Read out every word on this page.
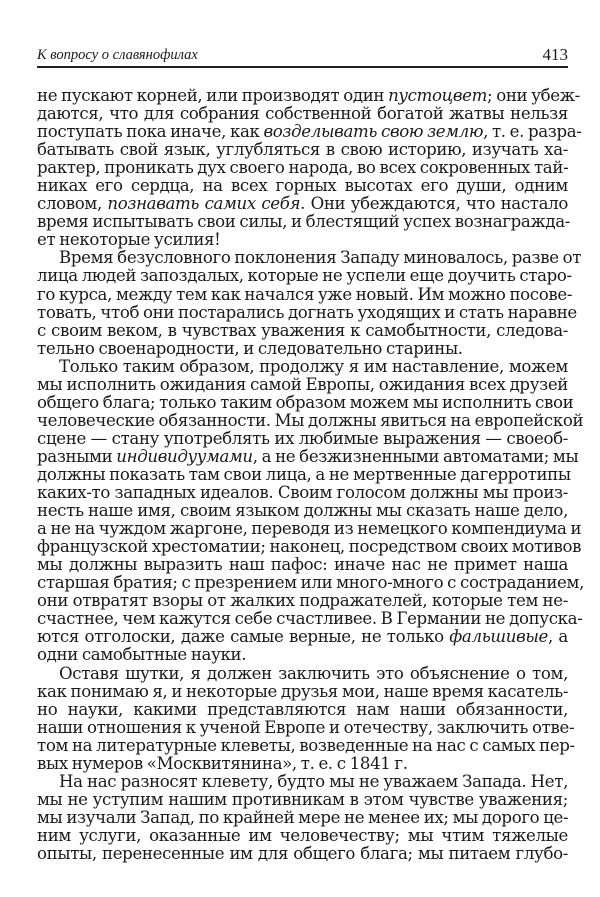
К вопросу о славянофилах	413
не пускают корней, или производят один пустоцвет; они убеж-
даются, что для собрания собственной богатой жатвы нельзя
поступать пока иначе, как возделывать свою землю, т. е. разра-
батывать свой язык, углубляться в свою историю, изучать ха-
рактер, проникать дух своего народа, во всех сокровенных тай-
никах его сердца, на всех горных высотах его души, одним
словом, познавать самих себя. Они убеждаются, что настало
время испытывать свои силы, и блестящий успех вознагражда-
ет некоторые усилия!
Время безусловного поклонения Западу миновалось, разве от
лица людей запоздалых, которые не успели еще доучить старо-
го курса, между тем как начался уже новый. Им можно посове-
товать, чтоб они постарались догнать уходящих и стать наравне
с своим веком, в чувствах уважения к самобытности, следова-
тельно своенародности, и следовательно старины.
Только таким образом, продолжу я им наставление, можем
мы исполнить ожидания самой Европы, ожидания всех друзей
общего блага; только таким образом можем мы исполнить свои
человеческие обязанности. Мы должны явиться на европейской
сцене — стану употреблять их любимые выражения — своеоб-
разными индивидуумами, а не безжизненными автоматами; мы
должны показать там свои лица, а не мертвенные дагерротипы
каких-то западных идеалов. Своим голосом должны мы произ-
несть наше имя, своим языком должны мы сказать наше дело,
а не на чуждом жаргоне, переводя из немецкого компендиума и
французской хрестоматии; наконец, посредством своих мотивов
мы должны выразить наш пафос: иначе нас не примет наша
старшая братия; с презрением или много-много с состраданием,
они отвратят взоры от жалких подражателей, которые тем не-
счастнее, чем кажутся себе счастливее. В Германии не допуска-
ются отголоски, даже самые верные, не только фальшивые, а
одни самобытные науки.
Оставя шутки, я должен заключить это объяснение о том,
как понимаю я, и некоторые друзья мои, наше время касатель-
но науки, какими представляются нам наши обязанности,
наши отношения к ученой Европе и отечеству, заключить отве-
том на литературные клеветы, возведенные на нас с самых пер-
вых нумеров «Москвитянина», т. е. с 1841 г.
На нас разносят клевету, будто мы не уважаем Запада. Нет,
мы не уступим нашим противникам в этом чувстве уважения;
мы изучали Запад, по крайней мере не менее их; мы дорого це-
ним услуги, оказанные им человечеству; мы чтим тяжелые
опыты, перенесенные им для общего блага; мы питаем глубо-
